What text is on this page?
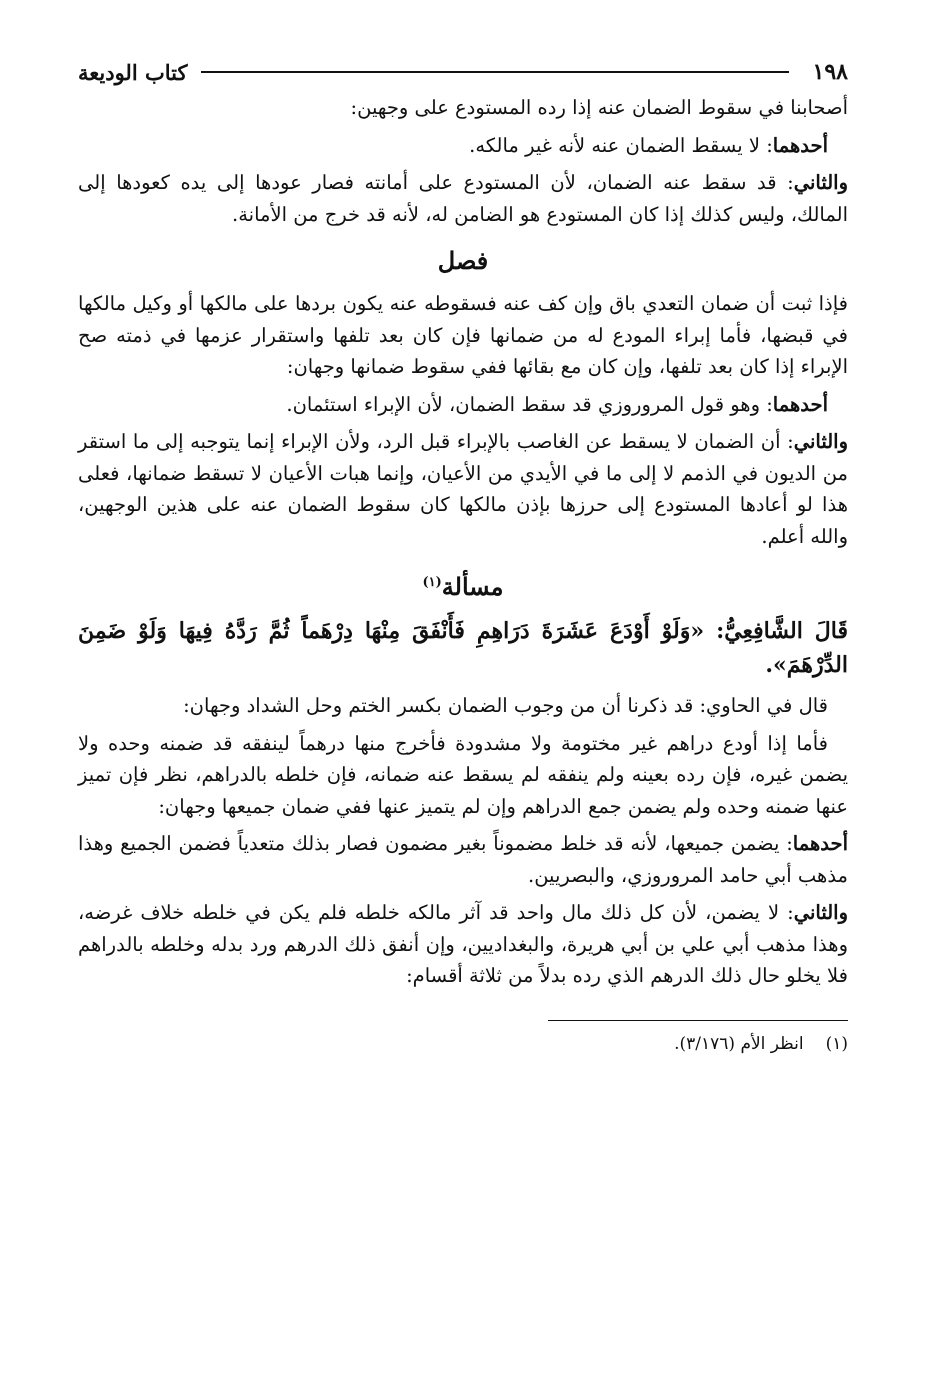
١٩٨
كتاب الوديعة

أصحابنا في سقوط الضمان عنه إذا رده المستودع على وجهين:

أحدهما: لا يسقط الضمان عنه لأنه غير مالكه.

والثاني: قد سقط عنه الضمان، لأن المستودع على أمانته فصار عودها إلى يده كعودها إلى المالك، وليس كذلك إذا كان المستودع هو الضامن له، لأنه قد خرج من الأمانة.

فصل

فإذا ثبت أن ضمان التعدي باق وإن كف عنه فسقوطه عنه يكون بردها على مالكها أو وكيل مالكها في قبضها، فأما إبراء المودع له من ضمانها فإن كان بعد تلفها واستقرار عزمها في ذمته صح الإبراء إذا كان بعد تلفها، وإن كان مع بقائها ففي سقوط ضمانها وجهان:

أحدهما: وهو قول المروروزي قد سقط الضمان، لأن الإبراء استئمان.

والثاني: أن الضمان لا يسقط عن الغاصب بالإبراء قبل الرد، ولأن الإبراء إنما يتوجبه إلى ما استقر من الديون في الذمم لا إلى ما في الأيدي من الأعيان، وإنما هبات الأعيان لا تسقط ضمانها، فعلى هذا لو أعادها المستودع إلى حرزها بإذن مالكها كان سقوط الضمان عنه على هذين الوجهين، والله أعلم.

مسألة$^{(١)}$

قَالَ الشَّافِعِيُّ: «وَلَوْ أَوْدَعَ عَشَرَةَ دَرَاهِمِ فَأَنْفَقَ مِنْهَا دِرْهَماً ثُمَّ رَدَّهُ فِيهَا وَلَوْ ضَمِنَ الدِّرْهَمَ».

قال في الحاوي: قد ذكرنا أن من وجوب الضمان بكسر الختم وحل الشداد وجهان:

فأما إذا أودع دراهم غير مختومة ولا مشدودة فأخرج منها درهماً لينفقه قد ضمنه وحده ولا يضمن غيره، فإن رده بعينه ولم ينفقه لم يسقط عنه ضمانه، فإن خلطه بالدراهم، نظر فإن تميز عنها ضمنه وحده ولم يضمن جمع الدراهم وإن لم يتميز عنها ففي ضمان جميعها وجهان:

أحدهما: يضمن جميعها، لأنه قد خلط مضموناً بغير مضمون فصار بذلك متعدياً فضمن الجميع وهذا مذهب أبي حامد المروروزي، والبصريين.

والثاني: لا يضمن، لأن كل ذلك مال واحد قد آثر مالكه خلطه فلم يكن في خلطه خلاف غرضه، وهذا مذهب أبي علي بن أبي هريرة، والبغداديين، وإن أنفق ذلك الدرهم ورد بدله وخلطه بالدراهم فلا يخلو حال ذلك الدرهم الذي رده بدلاً من ثلاثة أقسام:

(١)انظر الأم (٣/١٧٦).
